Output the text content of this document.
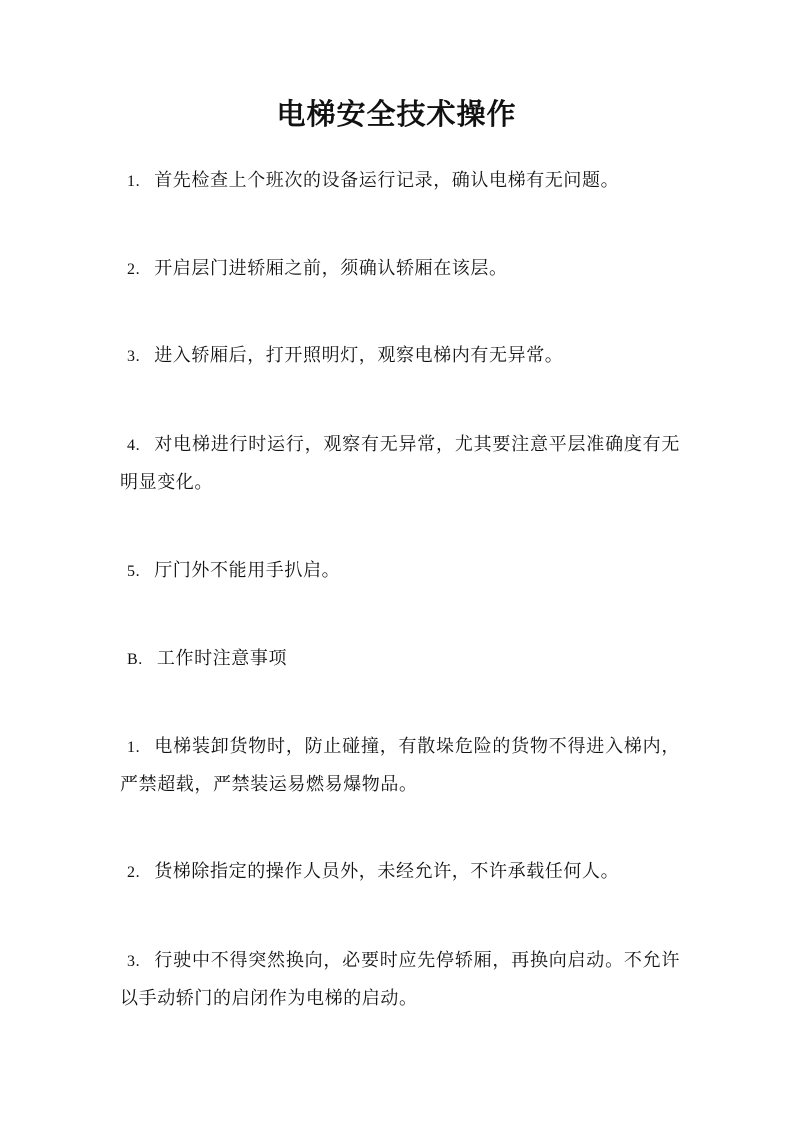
电梯安全技术操作
1. 首先检查上个班次的设备运行记录，确认电梯有无问题。
2. 开启层门进轿厢之前，须确认轿厢在该层。
3. 进入轿厢后，打开照明灯，观察电梯内有无异常。
4. 对电梯进行时运行，观察有无异常，尤其要注意平层准确度有无明显变化。
5. 厅门外不能用手扒启。
B. 工作时注意事项
1. 电梯装卸货物时，防止碰撞，有散垛危险的货物不得进入梯内，严禁超载，严禁装运易燃易爆物品。
2. 货梯除指定的操作人员外，未经允许，不许承载任何人。
3. 行驶中不得突然换向，必要时应先停轿厢，再换向启动。不允许以手动轿门的启闭作为电梯的启动。
